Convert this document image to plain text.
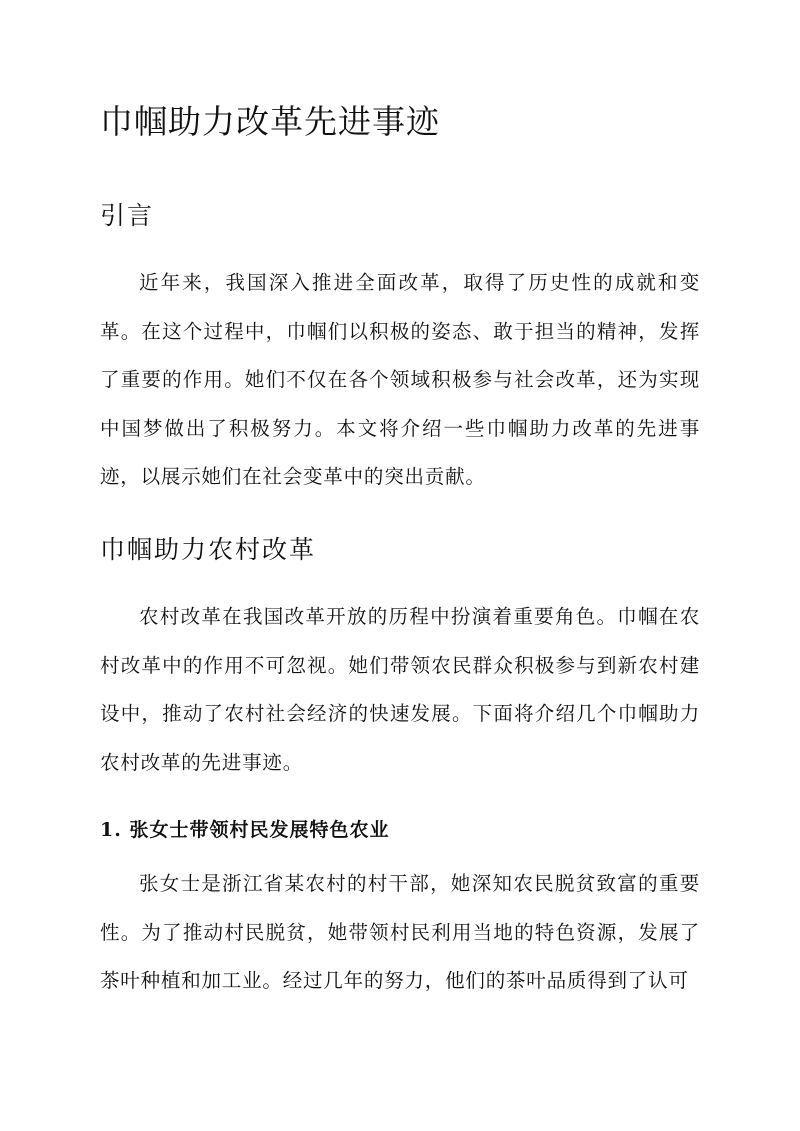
巾帼助力改革先进事迹
引言

近年来，我国深入推进全面改革，取得了历史性的成就和变革。在这个过程中，巾帼们以积极的姿态、敢于担当的精神，发挥了重要的作用。她们不仅在各个领域积极参与社会改革，还为实现中国梦做出了积极努力。本文将介绍一些巾帼助力改革的先进事迹，以展示她们在社会变革中的突出贡献。

巾帼助力农村改革

农村改革在我国改革开放的历程中扮演着重要角色。巾帼在农村改革中的作用不可忽视。她们带领农民群众积极参与到新农村建设中，推动了农村社会经济的快速发展。下面将介绍几个巾帼助力农村改革的先进事迹。

1. 张女士带领村民发展特色农业

张女士是浙江省某农村的村干部，她深知农民脱贫致富的重要性。为了推动村民脱贫，她带领村民利用当地的特色资源，发展了茶叶种植和加工业。经过几年的努力，他们的茶叶品质得到了认可
